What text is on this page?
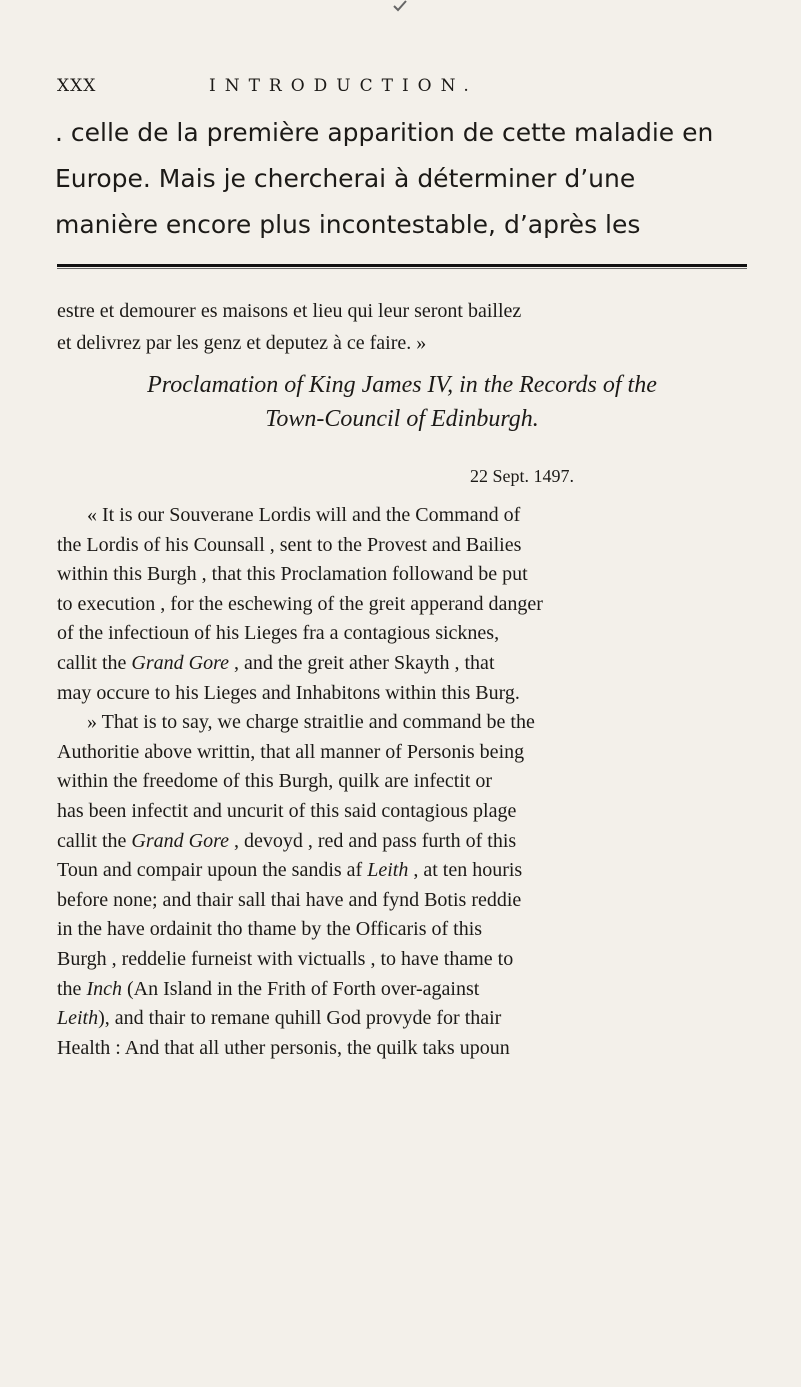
XXX	INTRODUCTION.

. celle de la première apparition de cette maladie en

Europe. Mais je chercherai à déterminer d’une

manière encore plus incontestable, d’après les

estre et demourer es maisons et lieu qui leur seront baillez

et delivrez par les genz et deputez à ce faire. »

Proclamation of King James IV, in the Records of the
Town-Council of Edinburgh.
22 Sept. 1497.

« It is our Souverane Lordis will and the Command of

the Lordis of his Counsall , sent to the Provest and Bailies

within this Burgh , that this Proclamation followand be put

to execution , for the eschewing of the greit apperand danger

of the infectioun of his Lieges fra a contagious sicknes,

callit the Grand Gore , and the greit ather Skayth , that

may occure to his Lieges and Inhabitons within this Burg.

» That is to say, we charge straitlie and command be the

Authoritie above writtin, that all manner of Personis being

within the freedome of this Burgh, quilk are infectit or

has been infectit and uncurit of this said contagious plage

callit the Grand Gore , devoyd , red and pass furth of this

Toun and compair upoun the sandis af Leith , at ten houris

before none; and thair sall thai have and fynd Botis reddie

in the have ordainit tho thame by the Officaris of this

Burgh , reddelie furneist with victualls , to have thame to

the Inch (An Island in the Frith of Forth over-against

Leith), and thair to remane quhill God provyde for thair

Health : And that all uther personis, the quilk taks upoun
